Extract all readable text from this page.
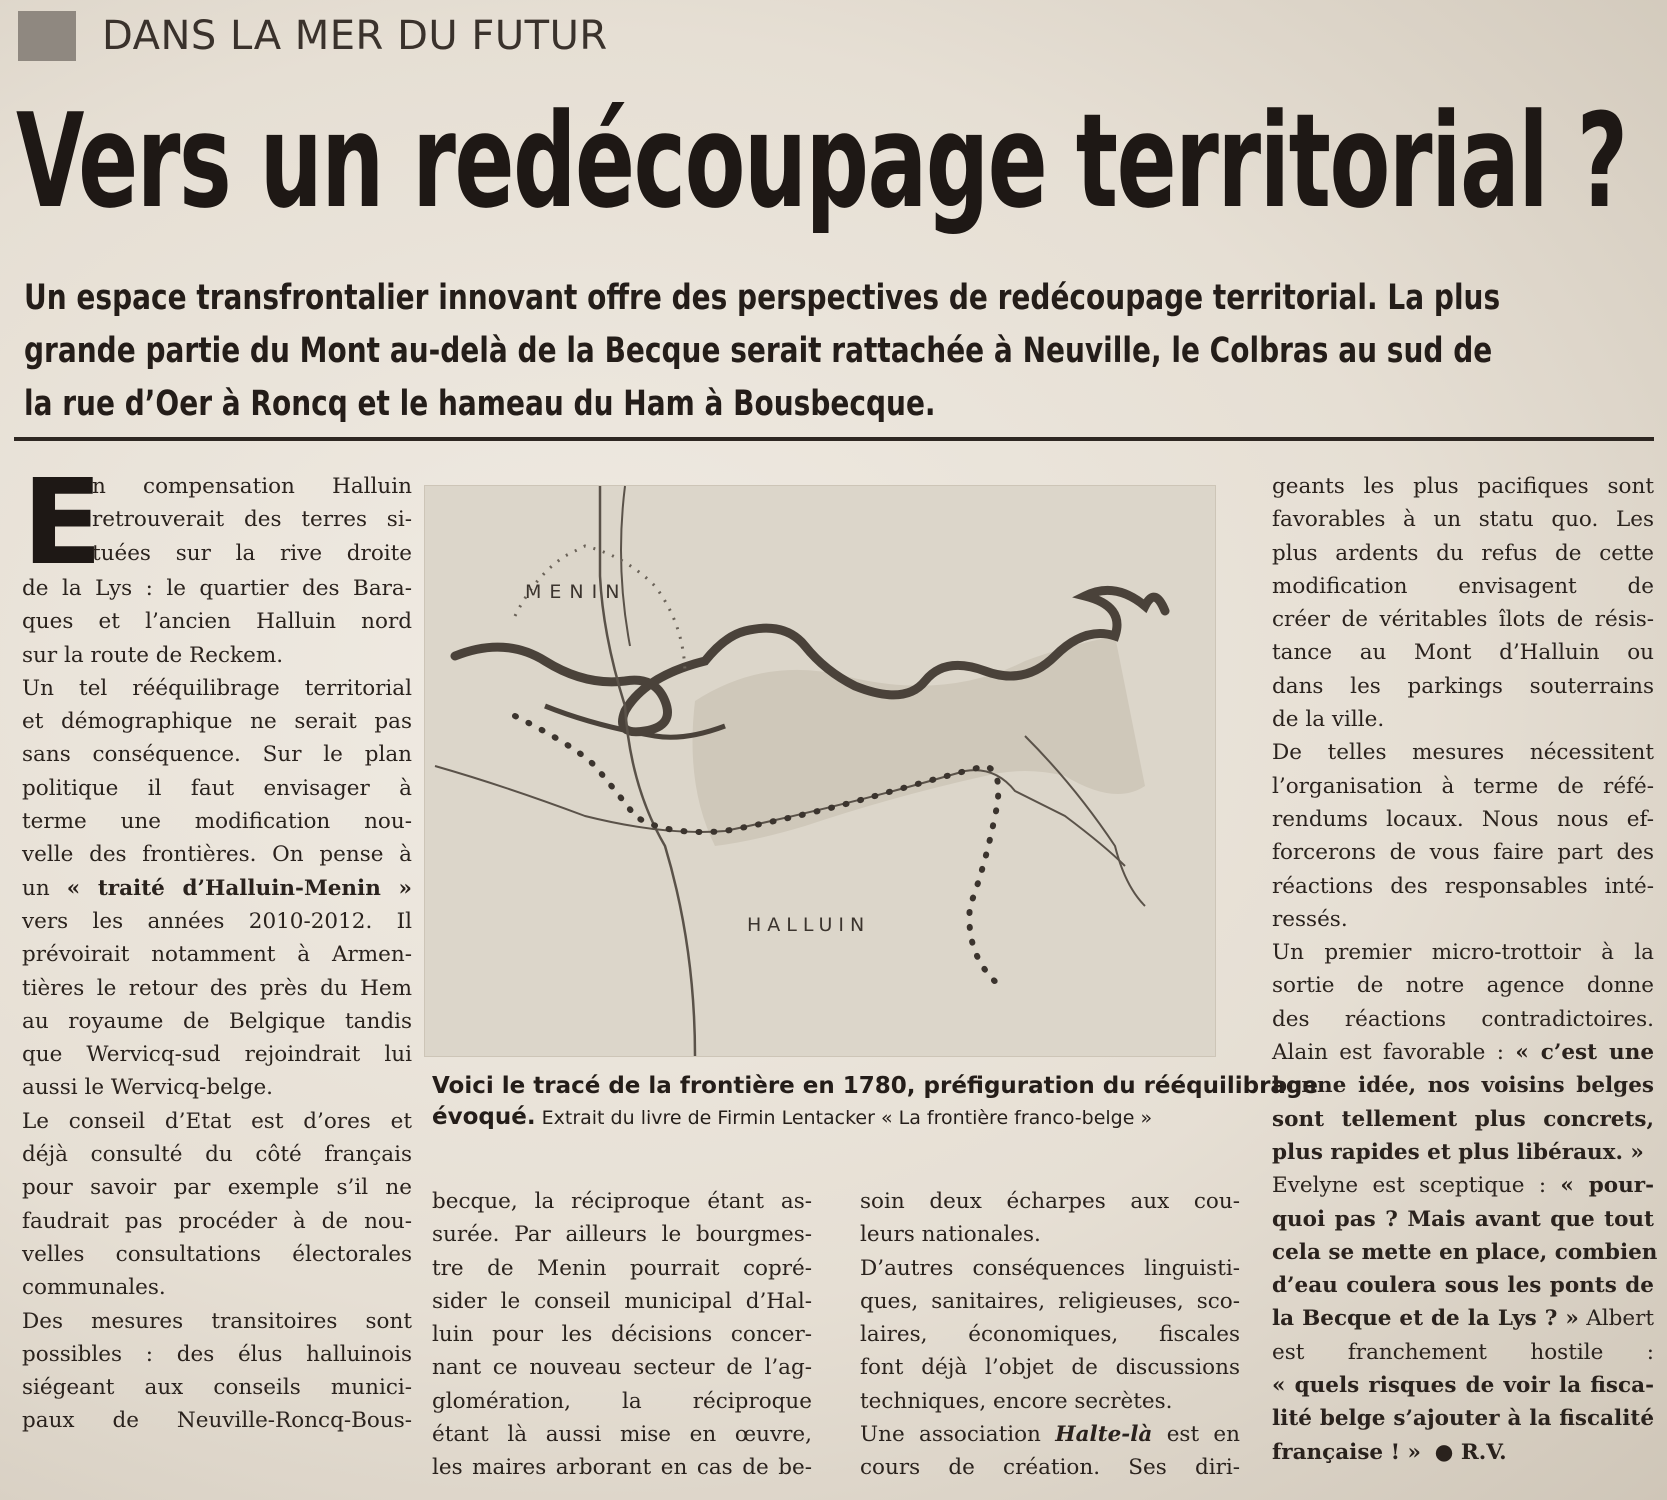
DANS LA MER DU FUTUR
Vers un redécoupage territorial ?
Un espace transfrontalier innovant offre des perspectives de redécoupage territorial. La plus
grande partie du Mont au-delà de la Becque serait rattachée à Neuville, le Colbras au sud de
la rue d’Oer à Roncq et le hameau du Ham à Bousbecque.
E

n compensation Halluin
retrouverait des terres si-
tuées sur la rive droite
de la Lys : le quartier des Bara-
ques et l’ancien Halluin nord
sur la route de Reckem.

Un tel rééquilibrage territorial
et démographique ne serait pas
sans conséquence. Sur le plan
politique il faut envisager à
terme une modification nou-
velle des frontières. On pense à
un « traité d’Halluin-Menin »
vers les années 2010-2012. Il
prévoirait notamment à Armen-
tières le retour des près du Hem
au royaume de Belgique tandis
que Wervicq-sud rejoindrait lui
aussi le Wervicq-belge.

Le conseil d’Etat est d’ores et
déjà consulté du côté français
pour savoir par exemple s’il ne
faudrait pas procéder à de nou-
velles consultations électorales
communales.

Des mesures transitoires sont
possibles : des élus halluinois
siégeant aux conseils munici-
paux de Neuville-Roncq-Bous-

MENIN
HALLUIN
Voici le tracé de la frontière en 1780, préfiguration du rééquilibrage
évoqué. Extrait du livre de Firmin Lentacker « La frontière franco-belge »
becque, la réciproque étant as-
surée. Par ailleurs le bourgmes-
tre de Menin pourrait copré-
sider le conseil municipal d’Hal-
luin pour les décisions concer-
nant ce nouveau secteur de l’ag-
glomération, la réciproque
étant là aussi mise en œuvre,
les maires arborant en cas de be-
soin deux écharpes aux cou-
leurs nationales.
D’autres conséquences linguisti-
ques, sanitaires, religieuses, sco-
laires, économiques, fiscales
font déjà l’objet de discussions
techniques, encore secrètes.
Une association Halte-là est en
cours de création. Ses diri-
geants les plus pacifiques sont
favorables à un statu quo. Les
plus ardents du refus de cette
modification envisagent de
créer de véritables îlots de résis-
tance au Mont d’Halluin ou
dans les parkings souterrains
de la ville.
De telles mesures nécessitent
l’organisation à terme de réfé-
rendums locaux. Nous nous ef-
forcerons de vous faire part des
réactions des responsables inté-
ressés.
Un premier micro-trottoir à la
sortie de notre agence donne
des réactions contradictoires.
Alain est favorable : « c’est une
bonne idée, nos voisins belges
sont tellement plus concrets,
plus rapides et plus libéraux. »
Evelyne est sceptique : « pour-
quoi pas ? Mais avant que tout
cela se mette en place, combien
d’eau coulera sous les ponts de
la Becque et de la Lys ? » Albert
est franchement hostile :
« quels risques de voir la fisca-
lité belge s’ajouter à la fiscalité
française ! » ● R.V.
